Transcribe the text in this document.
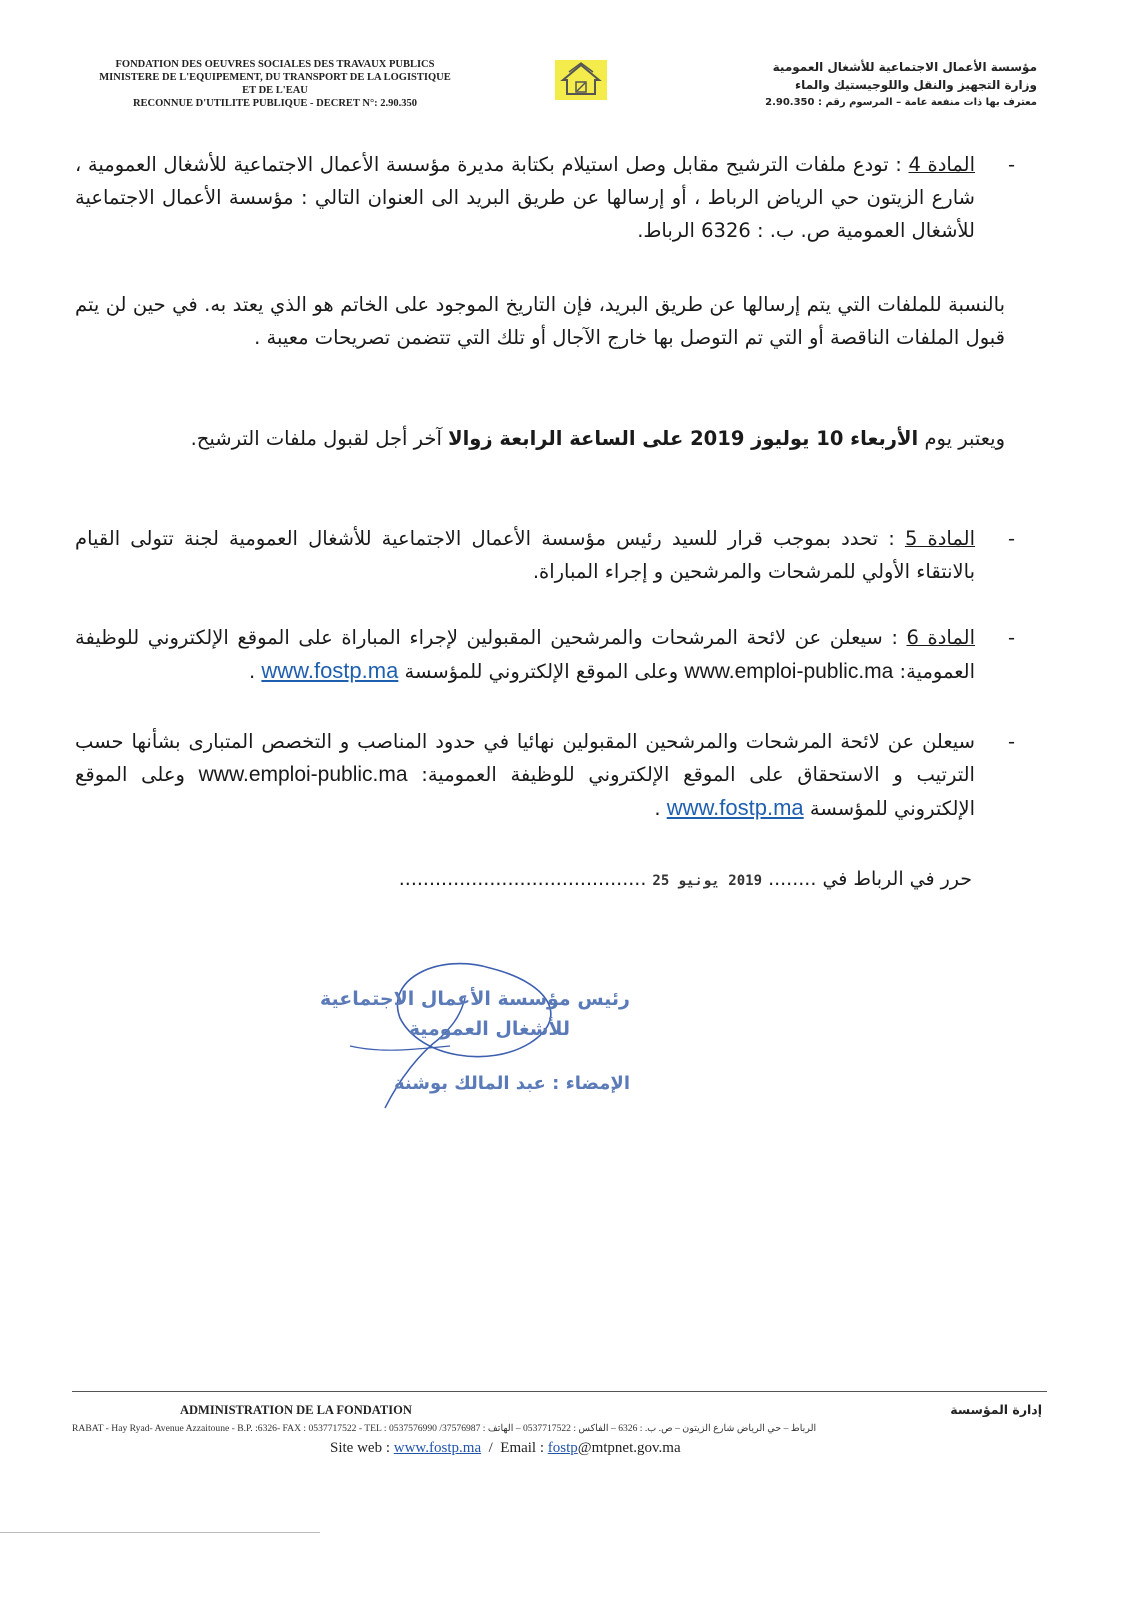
FONDATION DES OEUVRES SOCIALES DES TRAVAUX PUBLICS
MINISTERE DE L'EQUIPEMENT, DU TRANSPORT DE LA LOGISTIQUE
ET DE L'EAU
RECONNUE D'UTILITE PUBLIQUE - DECRET N°: 2.90.350
مؤسسة الأعمال الاجتماعية للأشغال العمومية
وزارة التجهيز والنقل واللوجيستيك والماء
معترف بها ذات منفعة عامة – المرسوم رقم : 2.90.350

- المادة 4 : تودع ملفات الترشيح مقابل وصل استيلام بكتابة مديرة مؤسسة الأعمال الاجتماعية للأشغال العمومية ، شارع الزيتون حي الرياض الرباط ، أو إرسالها عن طريق البريد الى العنوان التالي : مؤسسة الأعمال الاجتماعية للأشغال العمومية ص. ب. : 6326 الرباط.

بالنسبة للملفات التي يتم إرسالها عن طريق البريد، فإن التاريخ الموجود على الخاتم هو الذي يعتد به. في حين لن يتم قبول الملفات الناقصة أو التي تم التوصل بها خارج الآجال أو تلك التي تتضمن تصريحات معيبة .

ويعتبر يوم الأربعاء 10 يوليوز 2019 على الساعة الرابعة زوالا آخر أجل لقبول ملفات الترشيح.

- المادة 5 : تحدد بموجب قرار للسيد رئيس مؤسسة الأعمال الاجتماعية للأشغال العمومية لجنة تتولى القيام بالانتقاء الأولي للمرشحات والمرشحين و إجراء المباراة.

- المادة 6 : سيعلن عن لائحة المرشحات والمرشحين المقبولين لإجراء المباراة على الموقع الإلكتروني للوظيفة العمومية: www.emploi-public.ma وعلى الموقع الإلكتروني للمؤسسة www.fostp.ma .

- سيعلن عن لائحة المرشحات والمرشحين المقبولين نهائيا في حدود المناصب و التخصص المتبارى بشأنها حسب الترتيب و الاستحقاق على الموقع الإلكتروني للوظيفة العمومية: www.emploi-public.ma وعلى الموقع الإلكتروني للمؤسسة www.fostp.ma .

حرر في الرباط في ........ 2019 يونيو 25 .........................................
رئيس مؤسسة الأعمال الاجتماعية
للأشغال العمومية
الإمضاء : عبد المالك بوشنة
ADMINISTRATION DE LA FONDATION	إدارة المؤسسة
RABAT - Hay Ryad- Avenue Azzaitoune - B.P. :6326- FAX : 0537717522 - TEL : 0537576990 /37576987 : الرباط – حي الرياض شارع الزيتون – ص. ب. : 6326 – الفاكس : 0537717522 – الهاتف
Site web : www.fostp.ma / Email : fostp@mtpnet.gov.ma
